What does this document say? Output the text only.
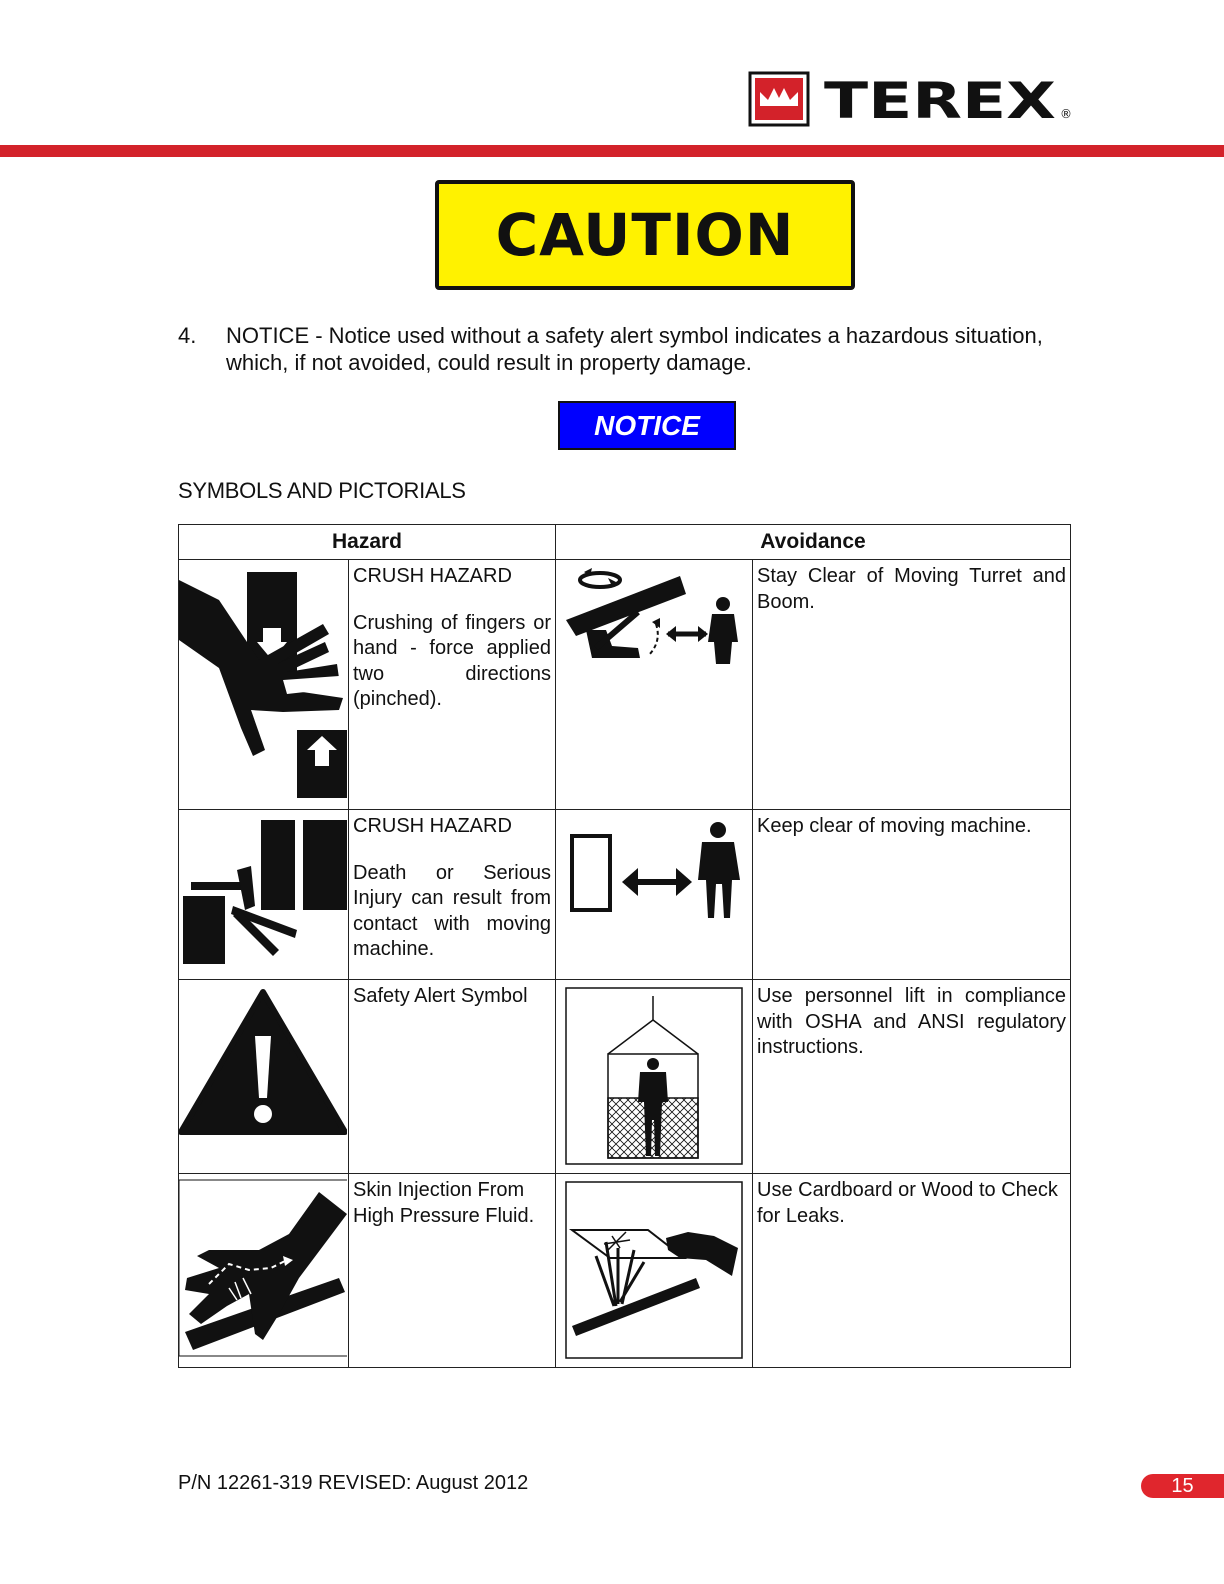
TEREX ®
CAUTION
4. NOTICE - Notice used without a safety alert symbol indicates a hazardous situation, which, if not avoided, could result in property damage.
NOTICE
SYMBOLS AND PICTORIALS
Hazard		Avoidance	

CRUSH HAZARD
Crushing of fingers or hand - force applied two directions (pinched).		Stay Clear of Moving Turret and Boom.

CRUSH HAZARD
Death or Serious Injury can result from contact with moving machine.		Keep clear of moving machine.

Safety Alert Symbol		Use personnel lift in compliance with OSHA and ANSI regulatory instructions.

Skin Injection From High Pressure Fluid.		Use Cardboard or Wood to Check for Leaks.
P/N 12261-319 REVISED: August 2012	15
